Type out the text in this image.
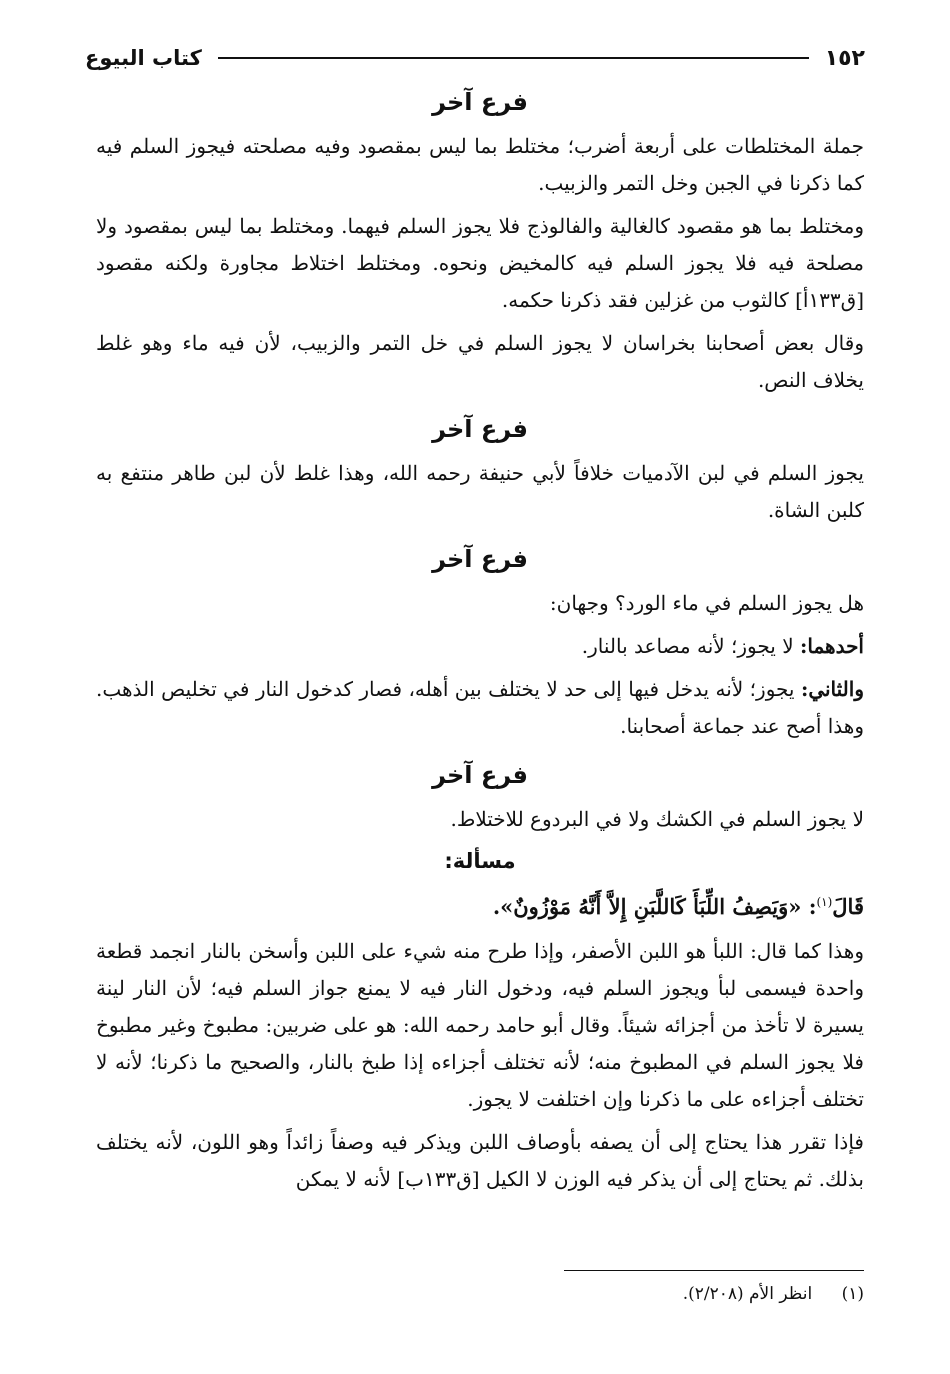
١٥٢
كتاب البيوع
فرع آخر

جملة المختلطات على أربعة أضرب؛ مختلط بما ليس بمقصود وفيه مصلحته فيجوز السلم فيه كما ذكرنا في الجبن وخل التمر والزبيب.

ومختلط بما هو مقصود كالغالية والفالوذج فلا يجوز السلم فيهما. ومختلط بما ليس بمقصود ولا مصلحة فيه فلا يجوز السلم فيه كالمخيض ونحوه. ومختلط اختلاط مجاورة ولكنه مقصود [ق١٣٣أ] كالثوب من غزلين فقد ذكرنا حكمه.

وقال بعض أصحابنا بخراسان لا يجوز السلم في خل التمر والزبيب، لأن فيه ماء وهو غلط يخلاف النص.

فرع آخر

يجوز السلم في لبن الآدميات خلافاً لأبي حنيفة رحمه الله، وهذا غلط لأن لبن طاهر منتفع به كلبن الشاة.

فرع آخر

هل يجوز السلم في ماء الورد؟ وجهان:

أحدهما: لا يجوز؛ لأنه مصاعد بالنار.

والثاني: يجوز؛ لأنه يدخل فيها إلى حد لا يختلف بين أهله، فصار كدخول النار في تخليص الذهب. وهذا أصح عند جماعة أصحابنا.

فرع آخر

لا يجوز السلم في الكشك ولا في البردوع للاختلاط.

مسألة:

قَالَ$^{(١)}$: «وَيَصِفُ اللِّبَأَ كَاللَّبَنِ إِلاَّ أَنَّهُ مَوْزُونٌ».

وهذا كما قال: اللبأ هو اللبن الأصفر، وإذا طرح منه شيء على اللبن وأسخن بالنار انجمد قطعة واحدة فيسمى لبأ ويجوز السلم فيه، ودخول النار فيه لا يمنع جواز السلم فيه؛ لأن النار لينة يسيرة لا تأخذ من أجزائه شيئاً. وقال أبو حامد رحمه الله: هو على ضربين: مطبوخ وغير مطبوخ فلا يجوز السلم في المطبوخ منه؛ لأنه تختلف أجزاءه إذا طبخ بالنار، والصحيح ما ذكرنا؛ لأنه لا تختلف أجزاءه على ما ذكرنا وإن اختلفت لا يجوز.

فإذا تقرر هذا يحتاج إلى أن يصفه بأوصاف اللبن ويذكر فيه وصفاً زائداً وهو اللون، لأنه يختلف بذلك. ثم يحتاج إلى أن يذكر فيه الوزن لا الكيل [ق١٣٣ب] لأنه لا يمكن

(١) انظر الأم (٢/٢٠٨).
